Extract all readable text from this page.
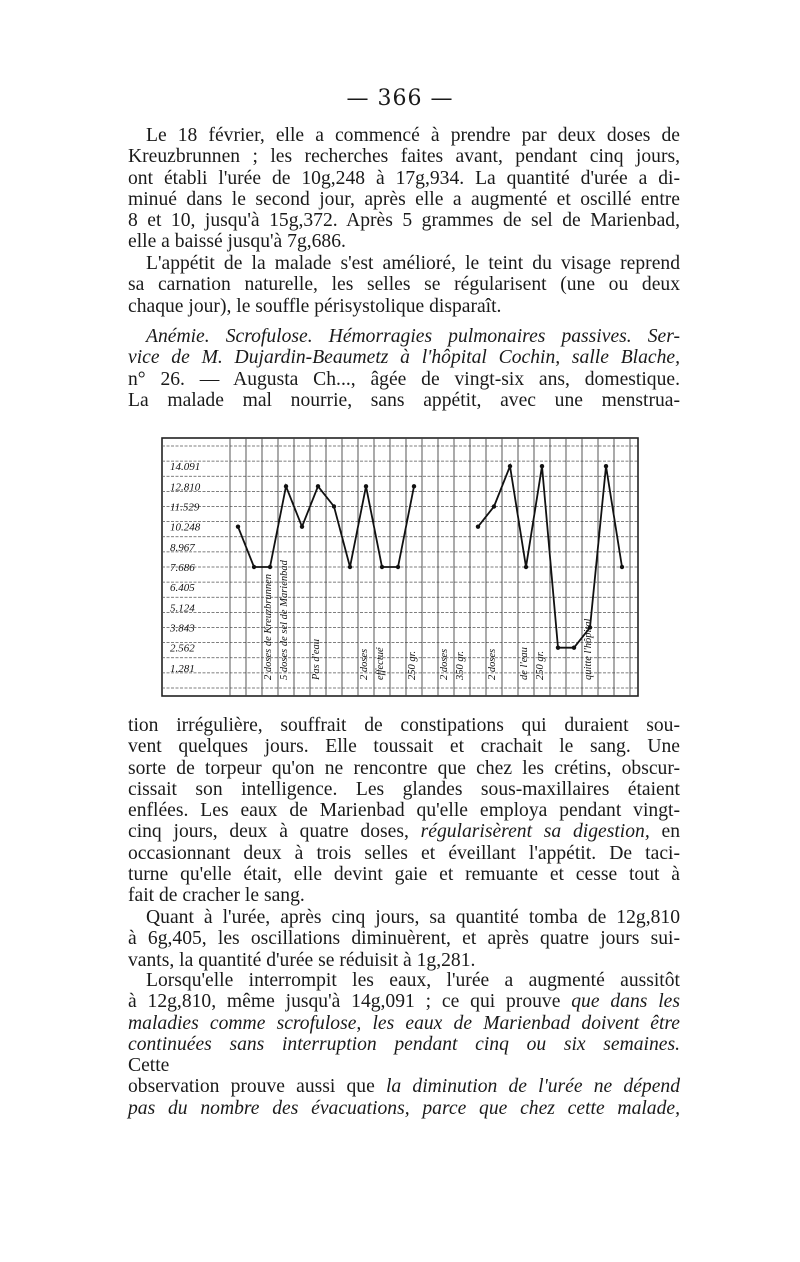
— 366 —
Le 18 février, elle a commencé à prendre par deux doses de
Kreuzbrunnen ; les recherches faites avant, pendant cinq jours,
ont établi l'urée de 10g,248 à 17g,934. La quantité d'urée a di-
minué dans le second jour, après elle a augmenté et oscillé entre
8 et 10, jusqu'à 15g,372. Après 5 grammes de sel de Marienbad,
elle a baissé jusqu'à 7g,686.
L'appétit de la malade s'est amélioré, le teint du visage reprend
sa carnation naturelle, les selles se régularisent (une ou deux
chaque jour), le souffle périsystolique disparaît.
Anémie. Scrofulose. Hémorragies pulmonaires passives. Ser-
vice de M. Dujardin-Beaumetz à l'hôpital Cochin, salle Blache,
n° 26. — Augusta Ch..., âgée de vingt-six ans, domestique.
La malade mal nourrie, sans appétit, avec une menstrua-
14.091
12.810
11.529
10.248
8.967
7.686
6.405
5.124
3.843
2.562
1.281	2 doses de Kreuzbrunnen 5 doses de sel de Marienbad Pas d'eau	2 doses effectué 250 gr. 2 doses 350 gr. 2 doses de l'eau 250 gr.	quitte l'hôpital
tion irrégulière, souffrait de constipations qui duraient sou-
vent quelques jours. Elle toussait et crachait le sang. Une
sorte de torpeur qu'on ne rencontre que chez les crétins, obscur-
cissait son intelligence. Les glandes sous-maxillaires étaient
enflées. Les eaux de Marienbad qu'elle employa pendant vingt-
cinq jours, deux à quatre doses, régularisèrent sa digestion, en
occasionnant deux à trois selles et éveillant l'appétit. De taci-
turne qu'elle était, elle devint gaie et remuante et cesse tout à
fait de cracher le sang.
Quant à l'urée, après cinq jours, sa quantité tomba de 12g,810
à 6g,405, les oscillations diminuèrent, et après quatre jours sui-
vants, la quantité d'urée se réduisit à 1g,281.
Lorsqu'elle interrompit les eaux, l'urée a augmenté aussitôt
à 12g,810, même jusqu'à 14g,091 ; ce qui prouve que dans les
maladies comme scrofulose, les eaux de Marienbad doivent être
continuées sans interruption pendant cinq ou six semaines.
Cette
observation prouve aussi que la diminution de l'urée ne dépend
pas du nombre des évacuations, parce que chez cette malade,
